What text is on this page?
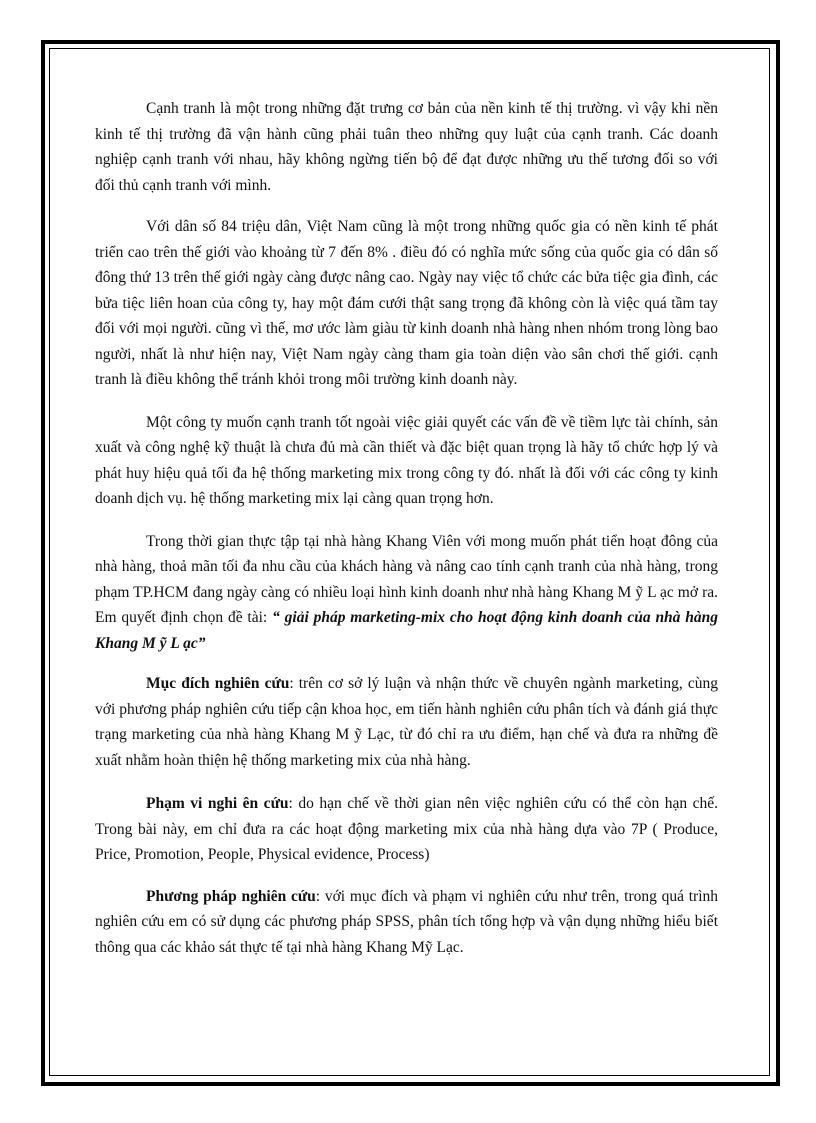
Cạnh tranh là một trong những đặt trưng cơ bản của nền kinh tế thị trường. vì vậy khi nền kinh tế thị trường đã vận hành cũng phải tuân theo những quy luật của cạnh tranh. Các doanh nghiệp cạnh tranh với nhau, hãy không ngừng tiến bộ để đạt được những ưu thế tương đối so với đối thủ cạnh tranh với mình.

Với dân số 84 triệu dân, Việt Nam cũng là một trong những quốc gia có nền kinh tế phát triển cao trên thế giới vào khoảng từ 7 đến 8% . điều đó có nghĩa mức sống của quốc gia có dân số đông thứ 13 trên thế giới ngày càng được nâng cao. Ngày nay việc tổ chức các bửa tiệc gia đình, các bửa tiệc liên hoan của công ty, hay một đám cưới thật sang trọng đã không còn là việc quá tầm tay đối với mọi người. cũng vì thế, mơ ước làm giàu từ kinh doanh nhà hàng nhen nhóm trong lòng bao người, nhất là như hiện nay, Việt Nam ngày càng tham gia toàn diện vào sân chơi thế giới. cạnh tranh là điều không thể tránh khỏi trong môi trường kinh doanh này.

Một công ty muốn cạnh tranh tốt ngoài việc giải quyết các vấn đề về tiềm lực tài chính, sản xuất và công nghệ kỹ thuật là chưa đủ mà cần thiết và đặc biệt quan trọng là hãy tổ chức hợp lý và phát huy hiệu quả tối đa hệ thống marketing mix trong công ty đó. nhất là đối với các công ty kinh doanh dịch vụ. hệ thống marketing mix lại càng quan trọng hơn.

Trong thời gian thực tập tại nhà hàng Khang Viên với mong muốn phát tiển hoạt đông của nhà hàng, thoả mãn tối đa nhu cầu của khách hàng và nâng cao tính cạnh tranh của nhà hàng, trong phạm TP.HCM đang ngày càng có nhiều loại hình kinh doanh như nhà hàng Khang M ỹ L ạc mở ra. Em quyết định chọn đề tài: “ giải pháp marketing-mix cho hoạt động kinh doanh của nhà hàng Khang M ỹ L ạc”

Mục đích nghiên cứu: trên cơ sở lý luận và nhận thức về chuyên ngành marketing, cùng với phương pháp nghiên cứu tiếp cận khoa học, em tiến hành nghiên cứu phân tích và đánh giá thực trạng marketing của nhà hàng Khang M ỹ Lạc, từ đó chỉ ra ưu điểm, hạn chế và đưa ra những đề xuất nhằm hoàn thiện hệ thống marketing mix của nhà hàng.

Phạm vi nghi ên cứu: do hạn chế về thời gian nên việc nghiên cứu có thể còn hạn chế. Trong bài này, em chỉ đưa ra các hoạt động marketing mix của nhà hàng dựa vào 7P ( Produce, Price, Promotion, People, Physical evidence, Process)

Phương pháp nghiên cứu: với mục đích và phạm vi nghiên cứu như trên, trong quá trình nghiên cứu em có sử dụng các phương pháp SPSS, phân tích tổng hợp và vận dụng những hiểu biết thông qua các khảo sát thực tế tại nhà hàng Khang Mỹ Lạc.
